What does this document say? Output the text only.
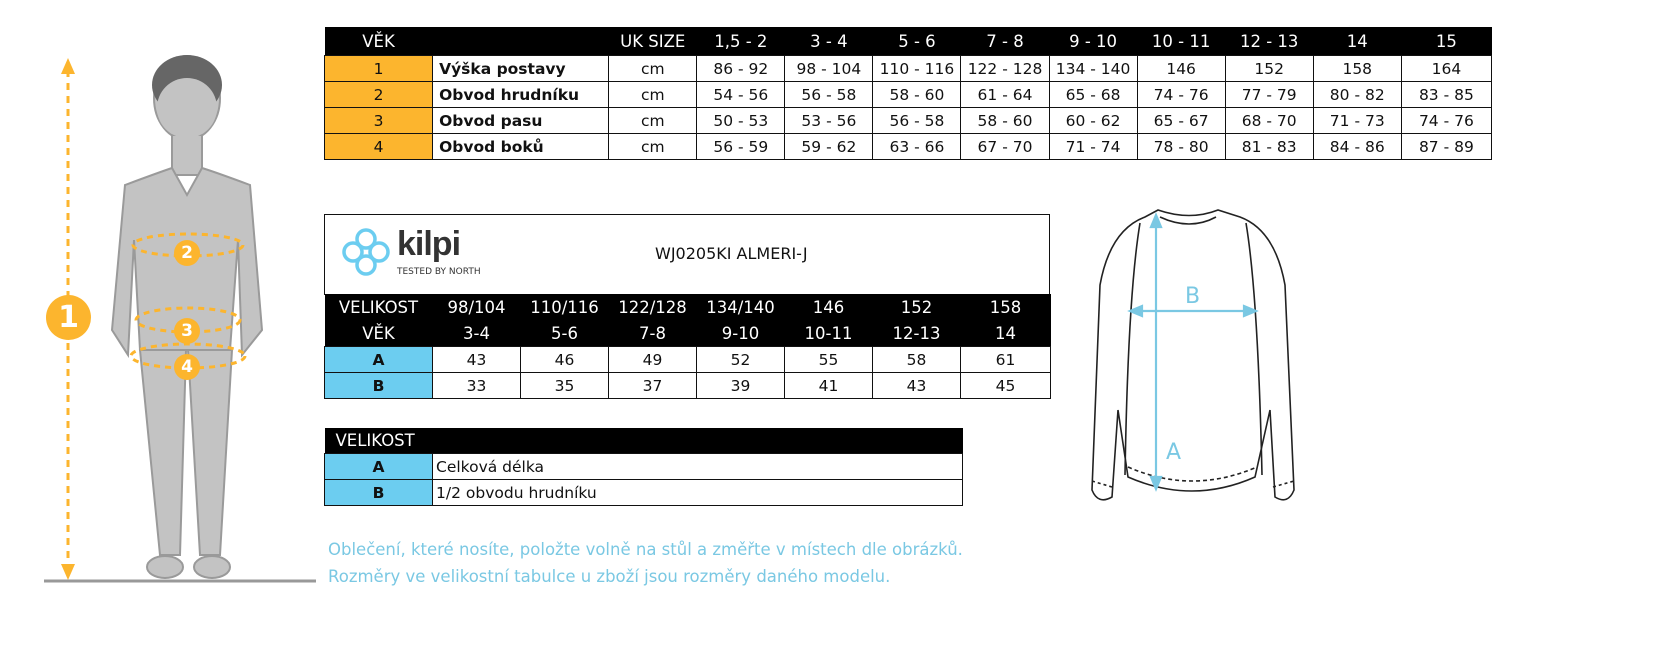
1
2
3
4
VĚK		UK SIZE	1,5 - 2	3 - 4	5 - 6	7 - 8	9 - 10	10 - 11	12 - 13	14	15
1	Výška postavy	cm	86 - 92	98 - 104	110 - 116	122 - 128	134 - 140	146	152	158	164
2	Obvod hrudníku	cm	54 - 56	56 - 58	58 - 60	61 - 64	65 - 68	74 - 76	77 - 79	80 - 82	83 - 85
3	Obvod pasu	cm	50 - 53	53 - 56	56 - 58	58 - 60	60 - 62	65 - 67	68 - 70	71 - 73	74 - 76
4	Obvod boků	cm	56 - 59	59 - 62	63 - 66	67 - 70	71 - 74	78 - 80	81 - 83	84 - 86	87 - 89
kilpi
TESTED BY NORTH
WJ0205KI ALMERI-J
VELIKOST	98/104	110/116	122/128	134/140	146	152	158
VĚK	3-4	5-6	7-8	9-10	10-11	12-13	14
A	43	46	49	52	55	58	61
B	33	35	37	39	41	43	45
VELIKOST	
A	Celková délka
B	1/2 obvodu hrudníku
B
A
Oblečení, které nosíte, položte volně na stůl a změřte v místech dle obrázků.
Rozměry ve velikostní tabulce u zboží jsou rozměry daného modelu.
